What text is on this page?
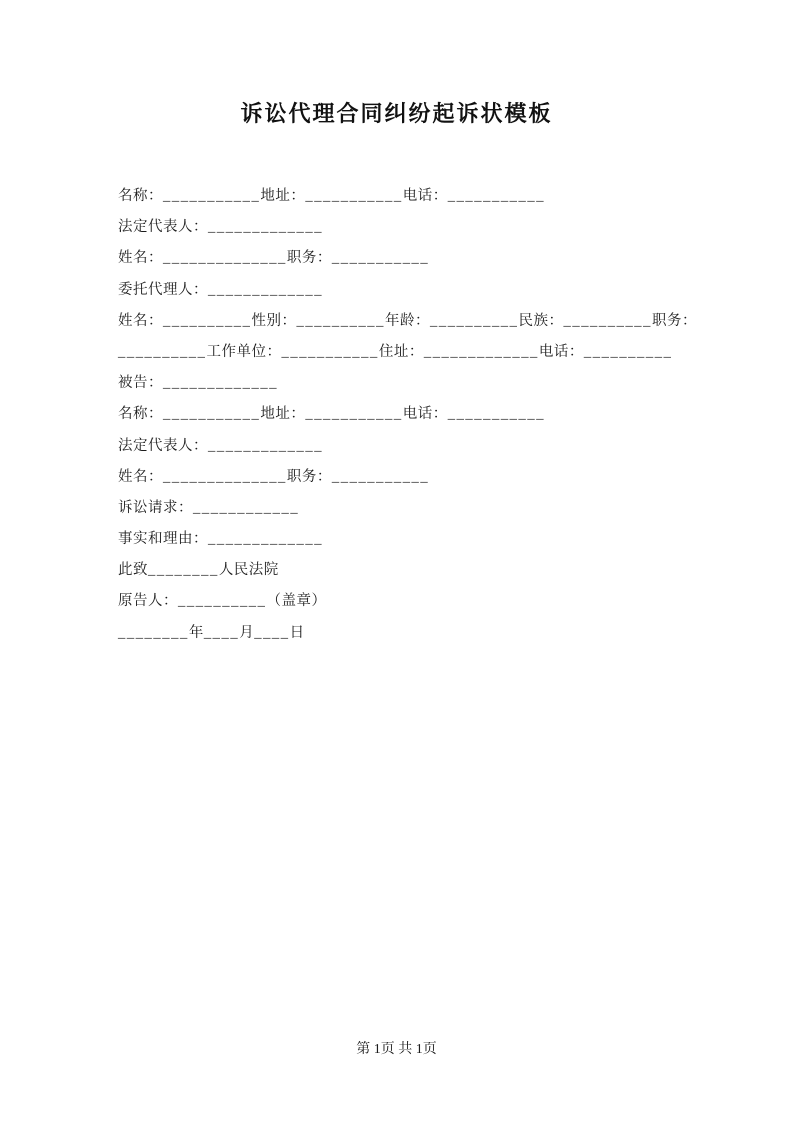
诉讼代理合同纠纷起诉状模板
名称：___________地址：___________电话：___________
法定代表人：_____________
姓名：______________职务：___________
委托代理人：_____________
姓名：__________性别：__________年龄：__________民族：__________职务：
__________工作单位：___________住址：_____________电话：__________
被告：_____________
名称：___________地址：___________电话：___________
法定代表人：_____________
姓名：______________职务：___________
诉讼请求：____________
事实和理由：_____________
此致________人民法院
原告人：__________（盖章）
________年____月____日
第 1页 共 1页
